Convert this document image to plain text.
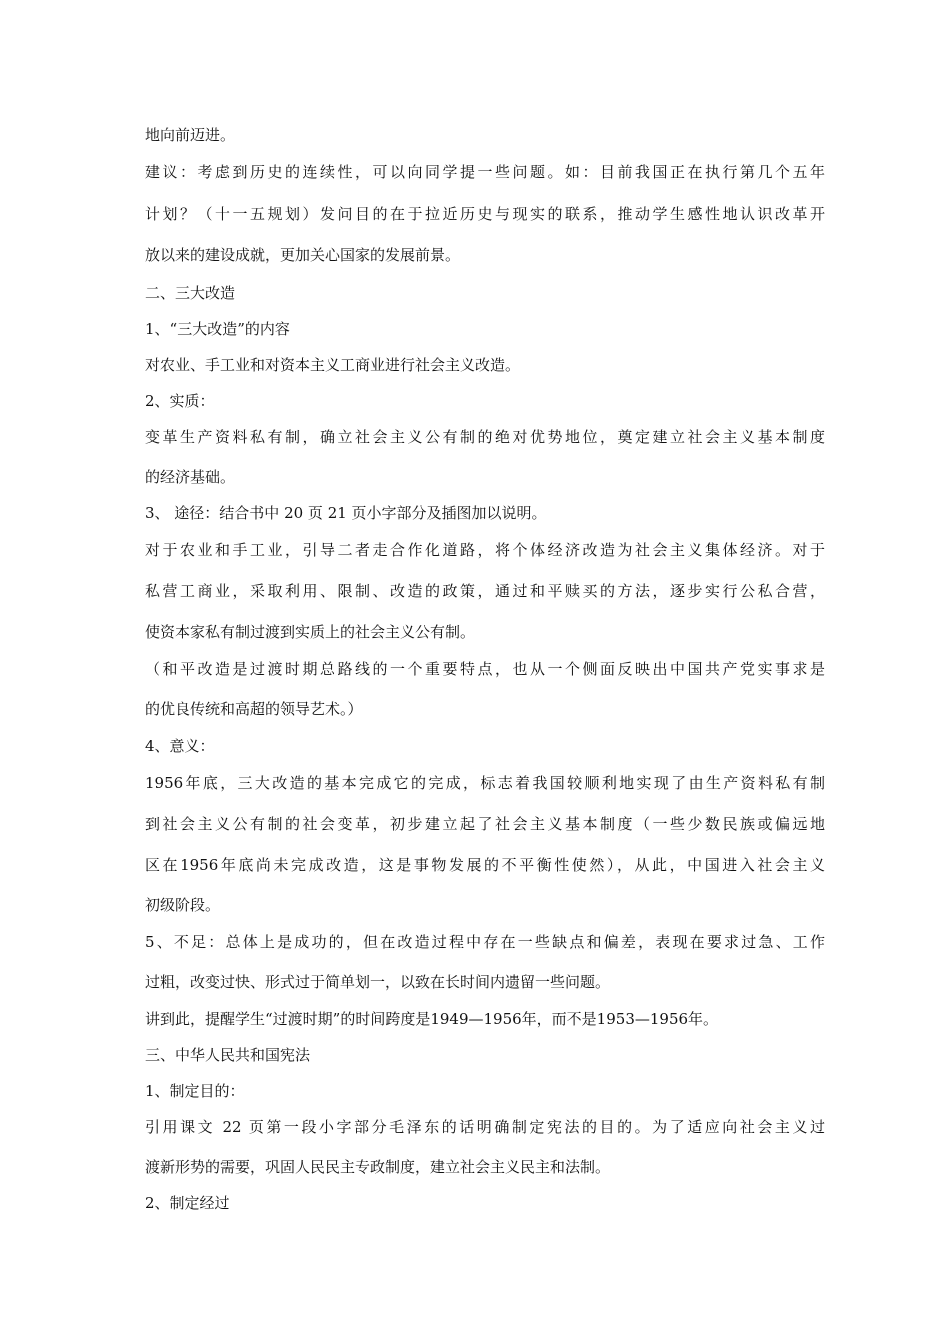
地向前迈进。
建议：考虑到历史的连续性，可以向同学提一些问题。如：目前我国正在执行第几个五年
计划？（十一五规划）发问目的在于拉近历史与现实的联系，推动学生感性地认识改革开
放以来的建设成就，更加关心国家的发展前景。
二、三大改造
1、“三大改造”的内容
对农业、手工业和对资本主义工商业进行社会主义改造。
2、实质：
变革生产资料私有制，确立社会主义公有制的绝对优势地位，奠定建立社会主义基本制度
的经济基础。
3、 途径：结合书中 20 页 21 页小字部分及插图加以说明。
对于农业和手工业，引导二者走合作化道路，将个体经济改造为社会主义集体经济。对于
私营工商业，采取利用、限制、改造的政策，通过和平赎买的方法，逐步实行公私合营，
使资本家私有制过渡到实质上的社会主义公有制。
（和平改造是过渡时期总路线的一个重要特点，也从一个侧面反映出中国共产党实事求是
的优良传统和高超的领导艺术。）
4、意义：
1956年底，三大改造的基本完成它的完成，标志着我国较顺利地实现了由生产资料私有制
到社会主义公有制的社会变革，初步建立起了社会主义基本制度（一些少数民族或偏远地
区在1956年底尚未完成改造，这是事物发展的不平衡性使然），从此，中国进入社会主义
初级阶段。
5、不足：总体上是成功的，但在改造过程中存在一些缺点和偏差，表现在要求过急、工作
过粗，改变过快、形式过于简单划一，以致在长时间内遗留一些问题。
讲到此，提醒学生“过渡时期”的时间跨度是1949—1956年，而不是1953—1956年。
三、中华人民共和国宪法
1、制定目的：
引用课文 22 页第一段小字部分毛泽东的话明确制定宪法的目的。为了适应向社会主义过
渡新形势的需要，巩固人民民主专政制度，建立社会主义民主和法制。
2、制定经过
